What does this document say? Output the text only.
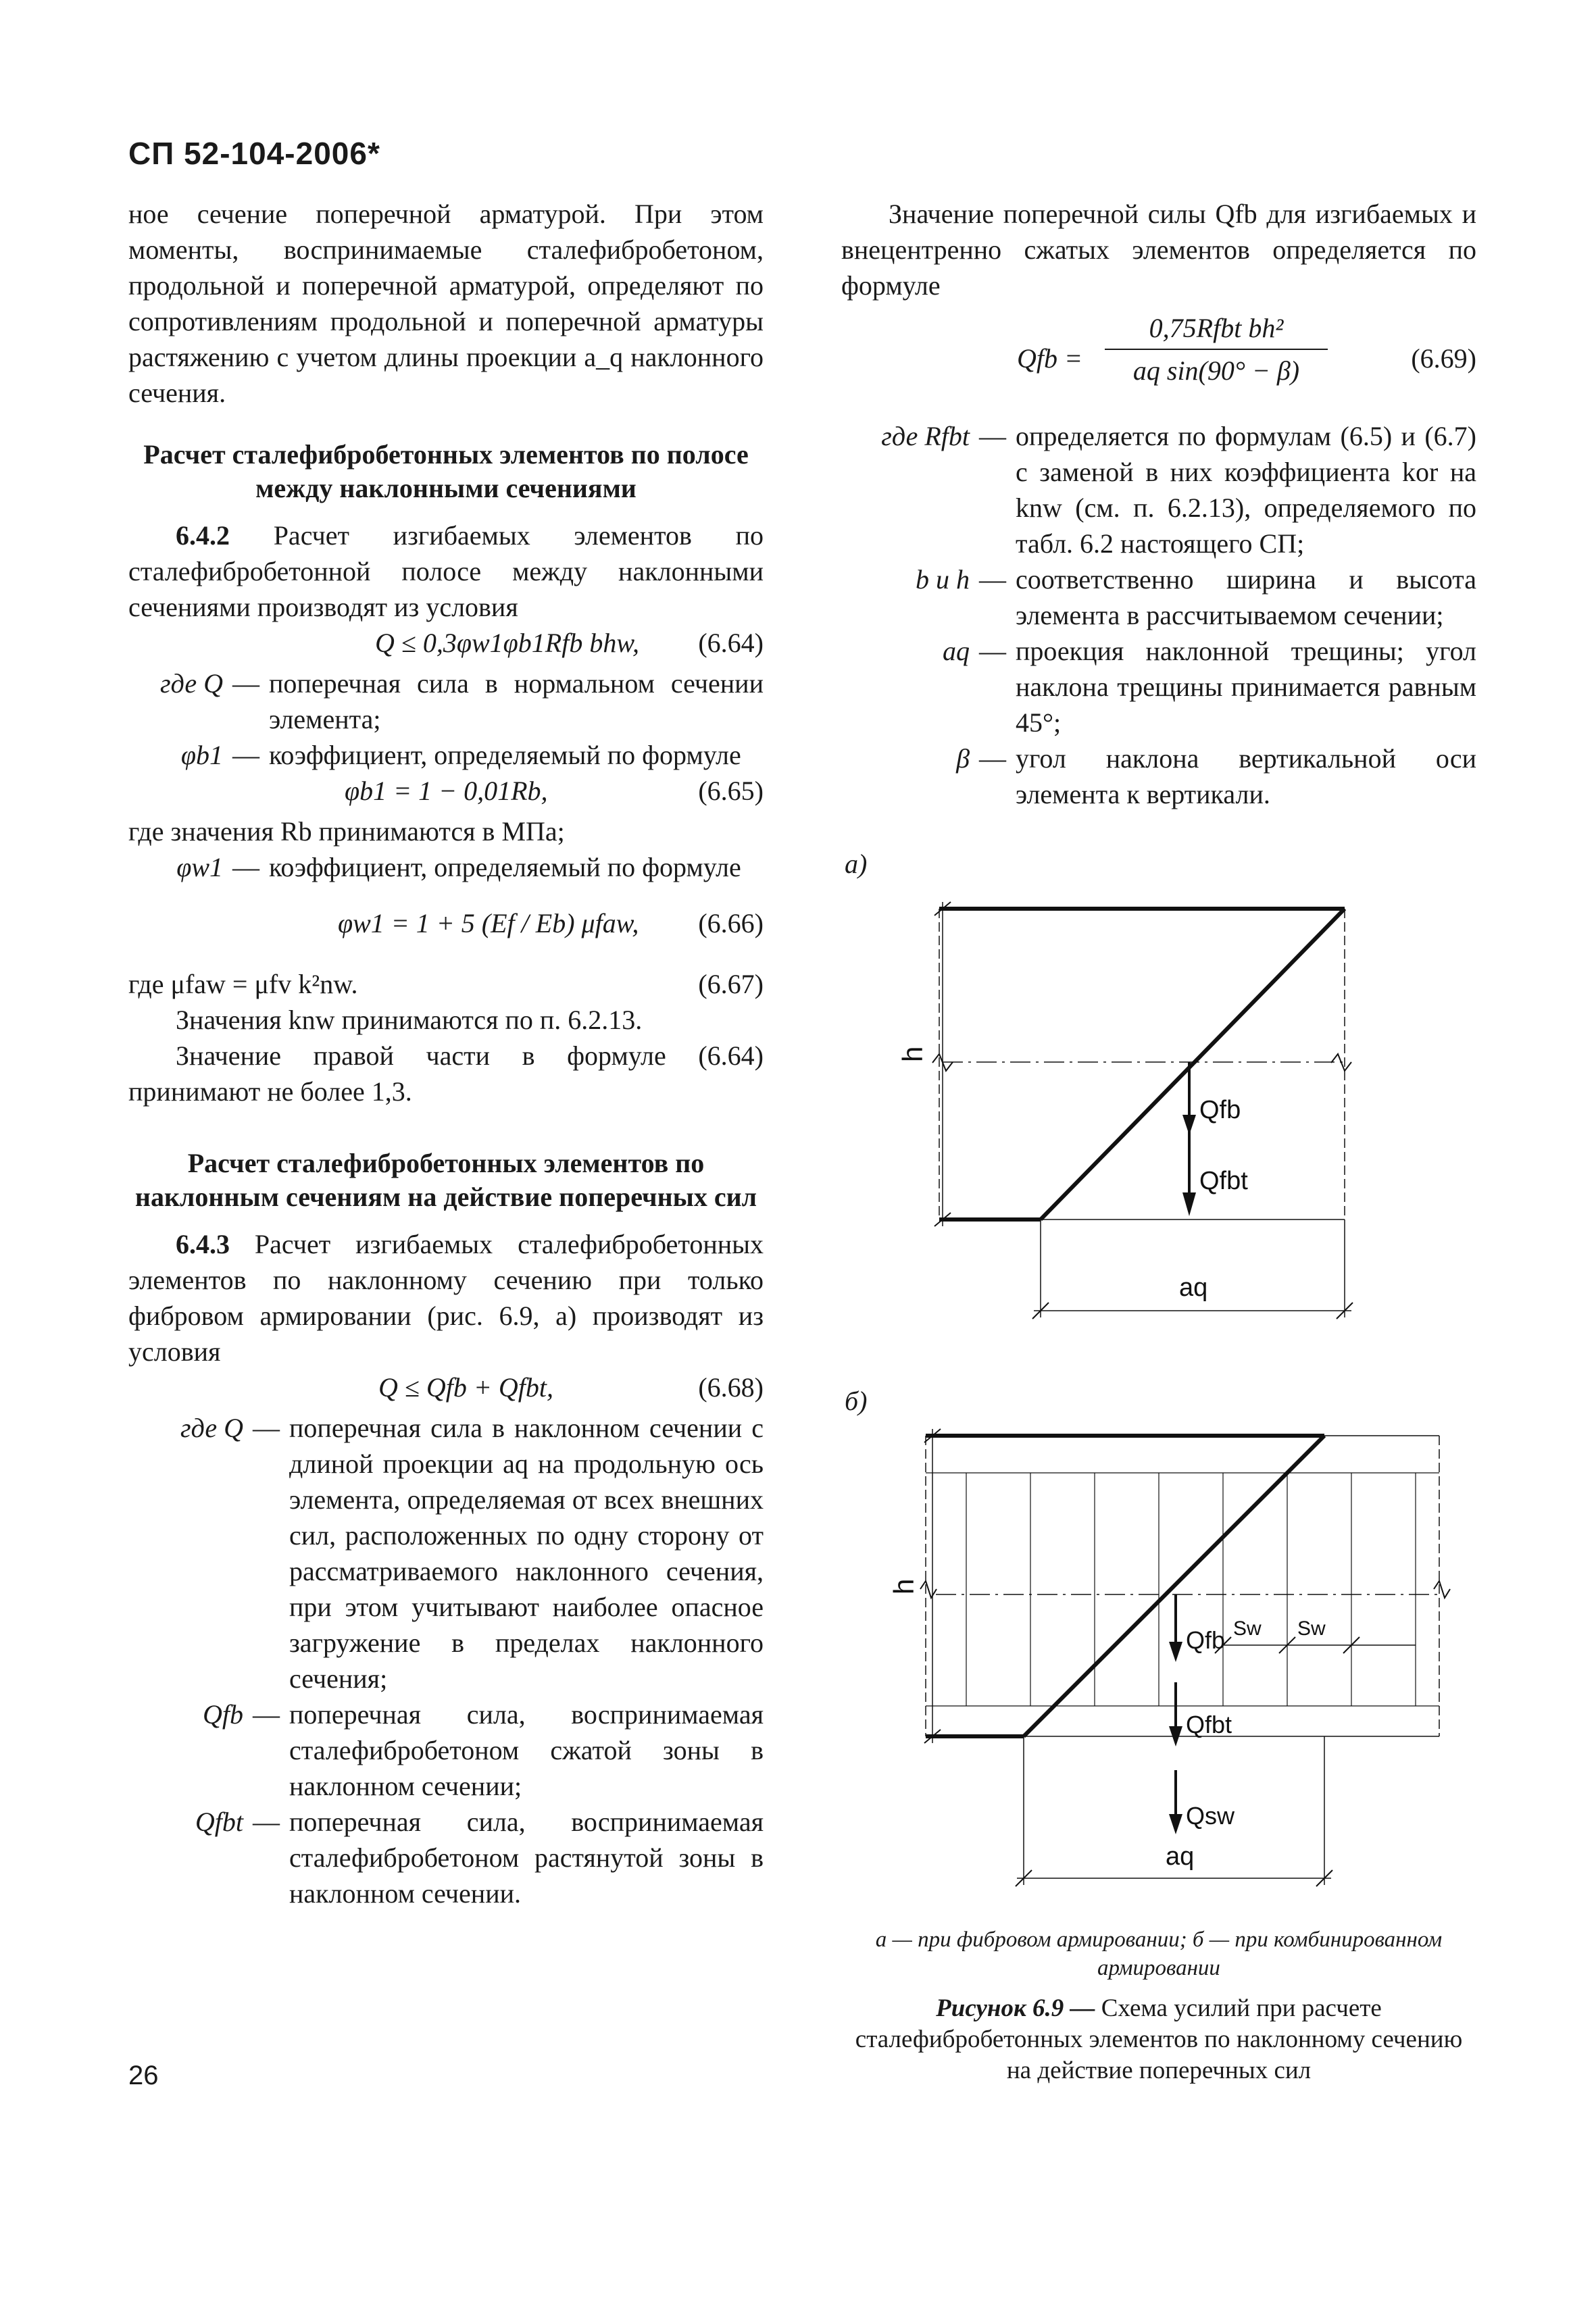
СП 52-104-2006*

ное сечение поперечной арматурой. При этом моменты, воспринимаемые сталефибробетоном, продольной и поперечной арматурой, определяют по сопротивлениям продольной и поперечной арматуры растяжению с учетом длины проекции a_q наклонного сечения.

Расчет сталефибробетонных элементов по полосе между наклонными сечениями

6.4.2 Расчет изгибаемых элементов по сталефибробетонной полосе между наклонными сечениями производят из условия

Q ≤ 0,3φw1φb1Rfb bhw, (6.64)
где Q — поперечная сила в нормальном сечении элемента;
φb1 — коэффициент, определяемый по формуле
φb1 = 1 − 0,01Rb,	(6.65)

где значения Rb принимаются в МПа;

φw1 — коэффициент, определяемый по формуле
φw1 = 1 + 5 (Ef / Eb) μfaw, (6.66)
где μfaw = μfv k²nw.	(6.67)

Значения knw принимаются по п. 6.2.13.

Значение правой части в формуле (6.64) принимают не более 1,3.

Расчет сталефибробетонных элементов по наклонным сечениям на действие поперечных сил

6.4.3 Расчет изгибаемых сталефибробетонных элементов по наклонному сечению при только фибровом армировании (рис. 6.9, а) производят из условия

Q ≤ Qfb + Qfbt,	(6.68)
где Q — поперечная сила в наклонном сечении с длиной проекции aq на продольную ось элемента, определяемая от всех внешних сил, расположенных по одну сторону от рассматриваемого наклонного сечения, при этом учитывают наиболее опасное загружение в пределах наклонного сечения;
Qfb — поперечная сила, воспринимаемая сталефибробетоном сжатой зоны в наклонном сечении;
Qfbt — поперечная сила, воспринимаемая сталефибробетоном растянутой зоны в наклонном сечении.

Значение поперечной силы Qfb для изгибаемых и внецентренно сжатых элементов определяется по формуле

Qfb =
0,75Rfbt bh²
aq sin(90° − β)	(6.69)
где Rfbt — определяется по формулам (6.5) и (6.7) с заменой в них коэффициента kor на knw (см. п. 6.2.13), определяемого по табл. 6.2 настоящего СП;
b и h — соответственно ширина и высота элемента в рассчитываемом сечении;
aq — проекция наклонной трещины; угол наклона трещины принимается равным 45°;
β — угол наклона вертикальной оси элемента к вертикали.
а)
h
Qfb
Qfbt
aq
б)
h
Qfb
Qfbt
Qsw
Sw Sw
aq
а — при фибровом армировании; б — при комбинированном армировании
Рисунок 6.9 — Схема усилий при расчете сталефибробетонных элементов по наклонному сечению на действие поперечных сил
26
